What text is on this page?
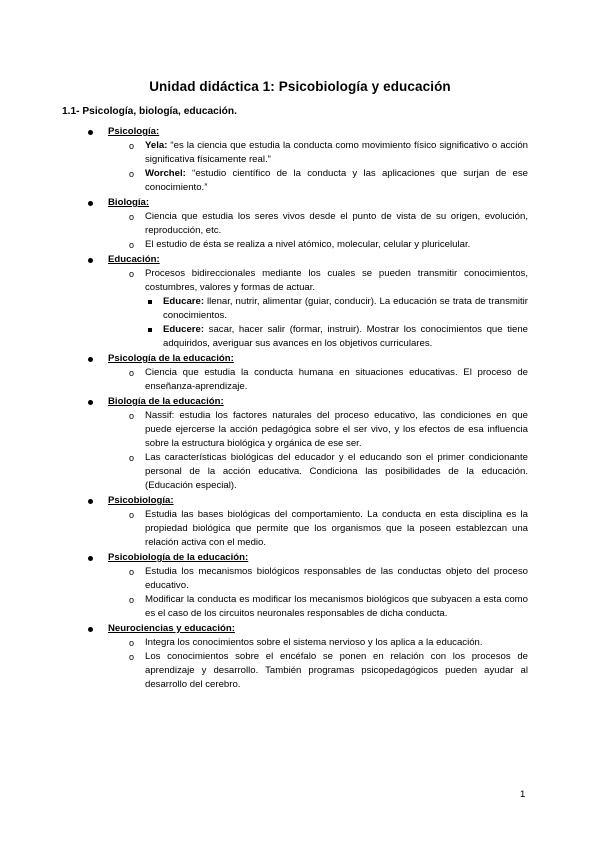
Unidad didáctica 1: Psicobiología y educación
1.1- Psicología, biología, educación.
Psicología:
o Yela: “es la ciencia que estudia la conducta como movimiento físico significativo o acción significativa físicamente real.”
o Worchel: “estudio científico de la conducta y las aplicaciones que surjan de ese conocimiento.”
Biología:
o Ciencia que estudia los seres vivos desde el punto de vista de su origen, evolución, reproducción, etc.
o El estudio de ésta se realiza a nivel atómico, molecular, celular y pluricelular.
Educación:
o Procesos bidireccionales mediante los cuales se pueden transmitir conocimientos, costumbres, valores y formas de actuar.
Educare: llenar, nutrir, alimentar (guiar, conducir). La educación se trata de transmitir conocimientos.
Educere: sacar, hacer salir (formar, instruir). Mostrar los conocimientos que tiene adquiridos, averiguar sus avances en los objetivos curriculares.
Psicología de la educación:
o Ciencia que estudia la conducta humana en situaciones educativas. El proceso de enseñanza-aprendizaje.
Biología de la educación:
o Nassif: estudia los factores naturales del proceso educativo, las condiciones en que puede ejercerse la acción pedagógica sobre el ser vivo, y los efectos de esa influencia sobre la estructura biológica y orgánica de ese ser.
o Las características biológicas del educador y el educando son el primer condicionante personal de la acción educativa. Condiciona las posibilidades de la educación. (Educación especial).
Psicobiología:
o Estudia las bases biológicas del comportamiento. La conducta en esta disciplina es la propiedad biológica que permite que los organismos que la poseen establezcan una relación activa con el medio.
Psicobiología de la educación:
o Estudia los mecanismos biológicos responsables de las conductas objeto del proceso educativo.
o Modificar la conducta es modificar los mecanismos biológicos que subyacen a esta como es el caso de los circuitos neuronales responsables de dicha conducta.
Neurociencias y educación:
o Integra los conocimientos sobre el sistema nervioso y los aplica a la educación.
o Los conocimientos sobre el encéfalo se ponen en relación con los procesos de aprendizaje y desarrollo. También programas psicopedagógicos pueden ayudar al desarrollo del cerebro.
1
